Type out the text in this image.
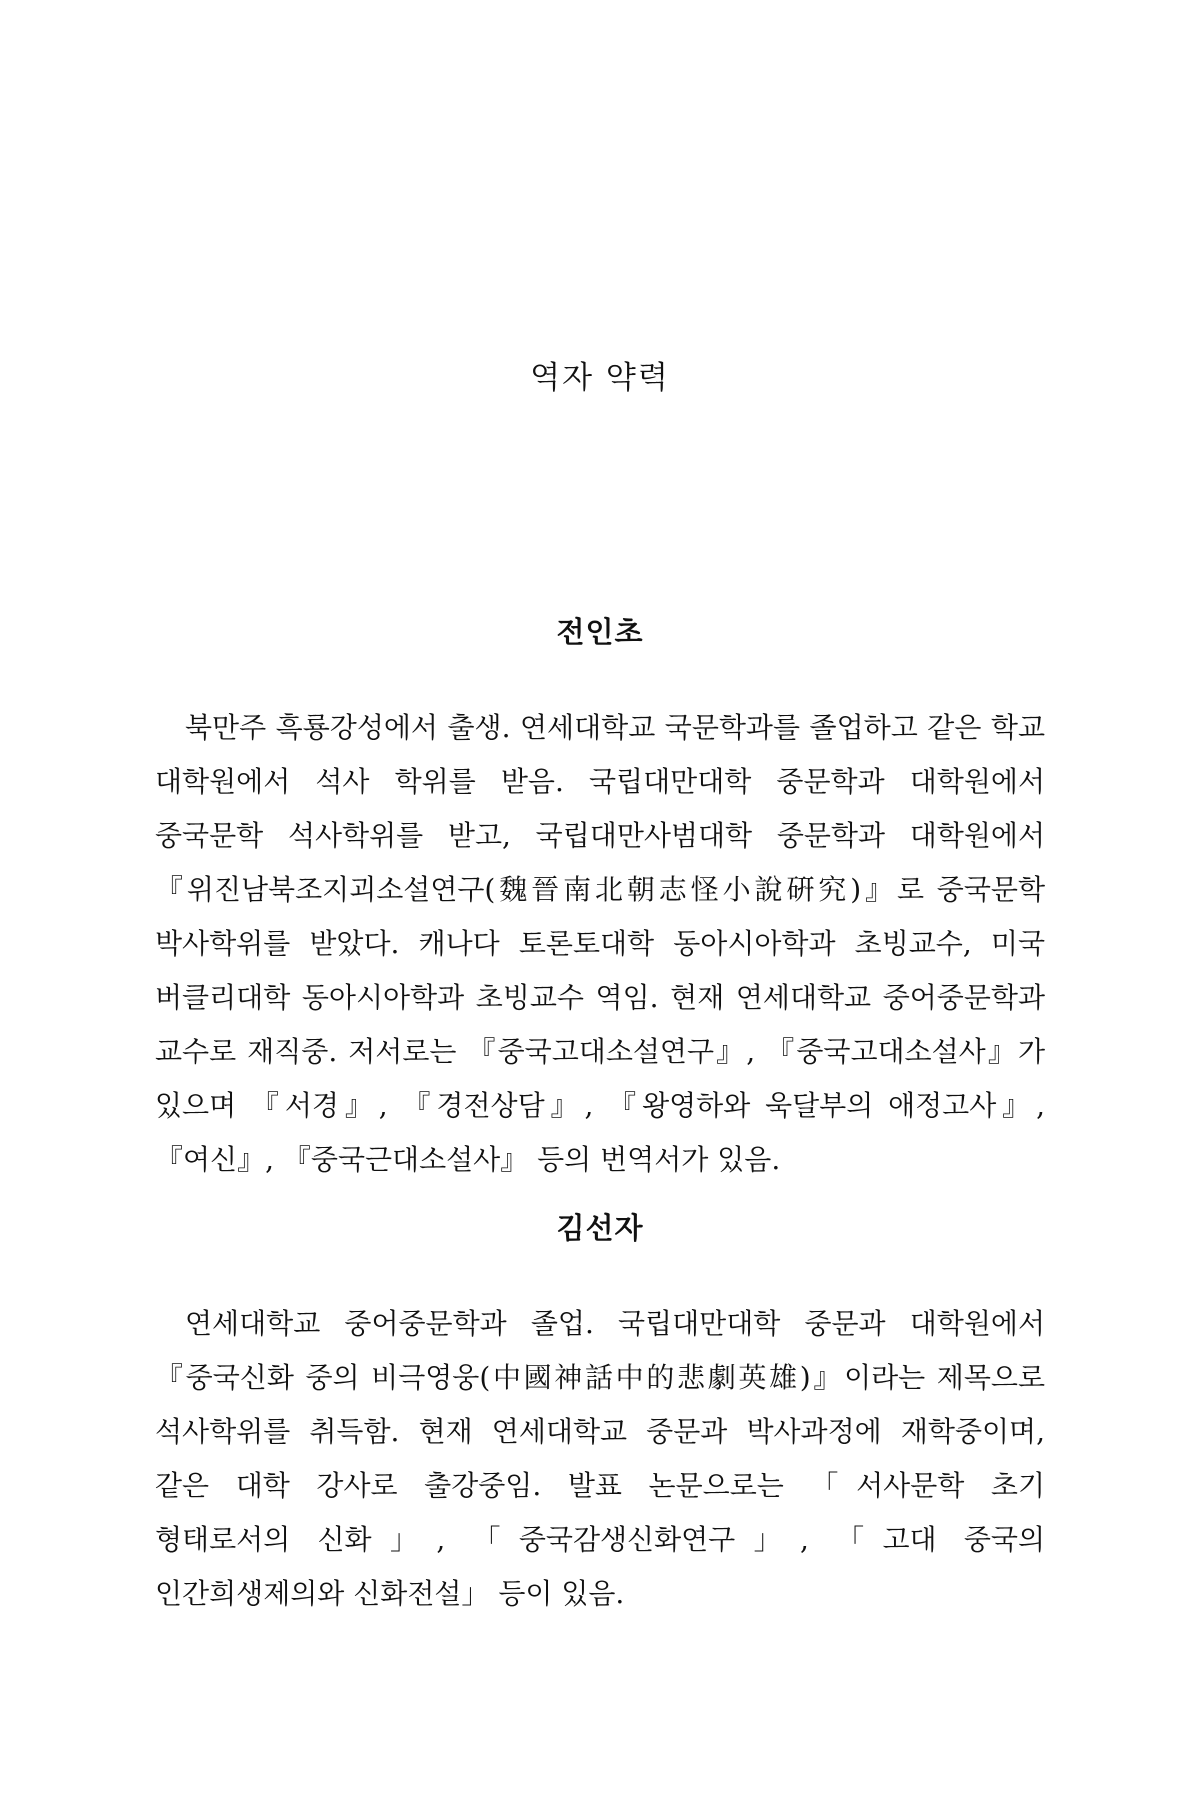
역자 약력
전인초

북만주 흑룡강성에서 출생. 연세대학교 국문학과를 졸업하고 같은 학교 대학원에서 석사 학위를 받음. 국립대만대학 중문학과 대학원에서 중국문학 석사학위를 받고, 국립대만사범대학 중문학과 대학원에서 『위진남북조지괴소설연구(魏晉南北朝志怪小說硏究)』로 중국문학 박사학위를 받았다. 캐나다 토론토대학 동아시아학과 초빙교수, 미국 버클리대학 동아시아학과 초빙교수 역임. 현재 연세대학교 중어중문학과 교수로 재직중. 저서로는 『중국고대소설연구』, 『중국고대소설사』가 있으며 『서경』, 『경전상담』, 『왕영하와 욱달부의 애정고사』, 『여신』, 『중국근대소설사』 등의 번역서가 있음.

김선자

연세대학교 중어중문학과 졸업. 국립대만대학 중문과 대학원에서 『중국신화 중의 비극영웅(中國神話中的悲劇英雄)』이라는 제목으로 석사학위를 취득함. 현재 연세대학교 중문과 박사과정에 재학중이며, 같은 대학 강사로 출강중임. 발표 논문으로는 「서사문학 초기 형태로서의 신화」, 「중국감생신화연구」, 「고대 중국의 인간희생제의와 신화전설」 등이 있음.
